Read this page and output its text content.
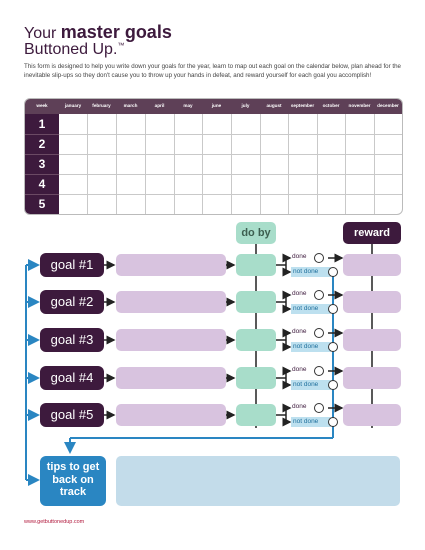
Your master goals
Buttoned Up.™
This form is designed to help you write down your goals for the year, learn to map out each goal on the calendar below, plan ahead for the inevitable slip-ups so they don't cause you to throw up your hands in defeat, and reward yourself for each goal you accomplish!
week	january	february	march	april	may	june	july	august	september	october	november	december
1
2
3
4
5
do by	reward
goal #1
done
not done
goal #2
done
not done
goal #3
done
not done
goal #4
done
not done
goal #5
done
not done
tips to get back on track
www.getbuttonedup.com
